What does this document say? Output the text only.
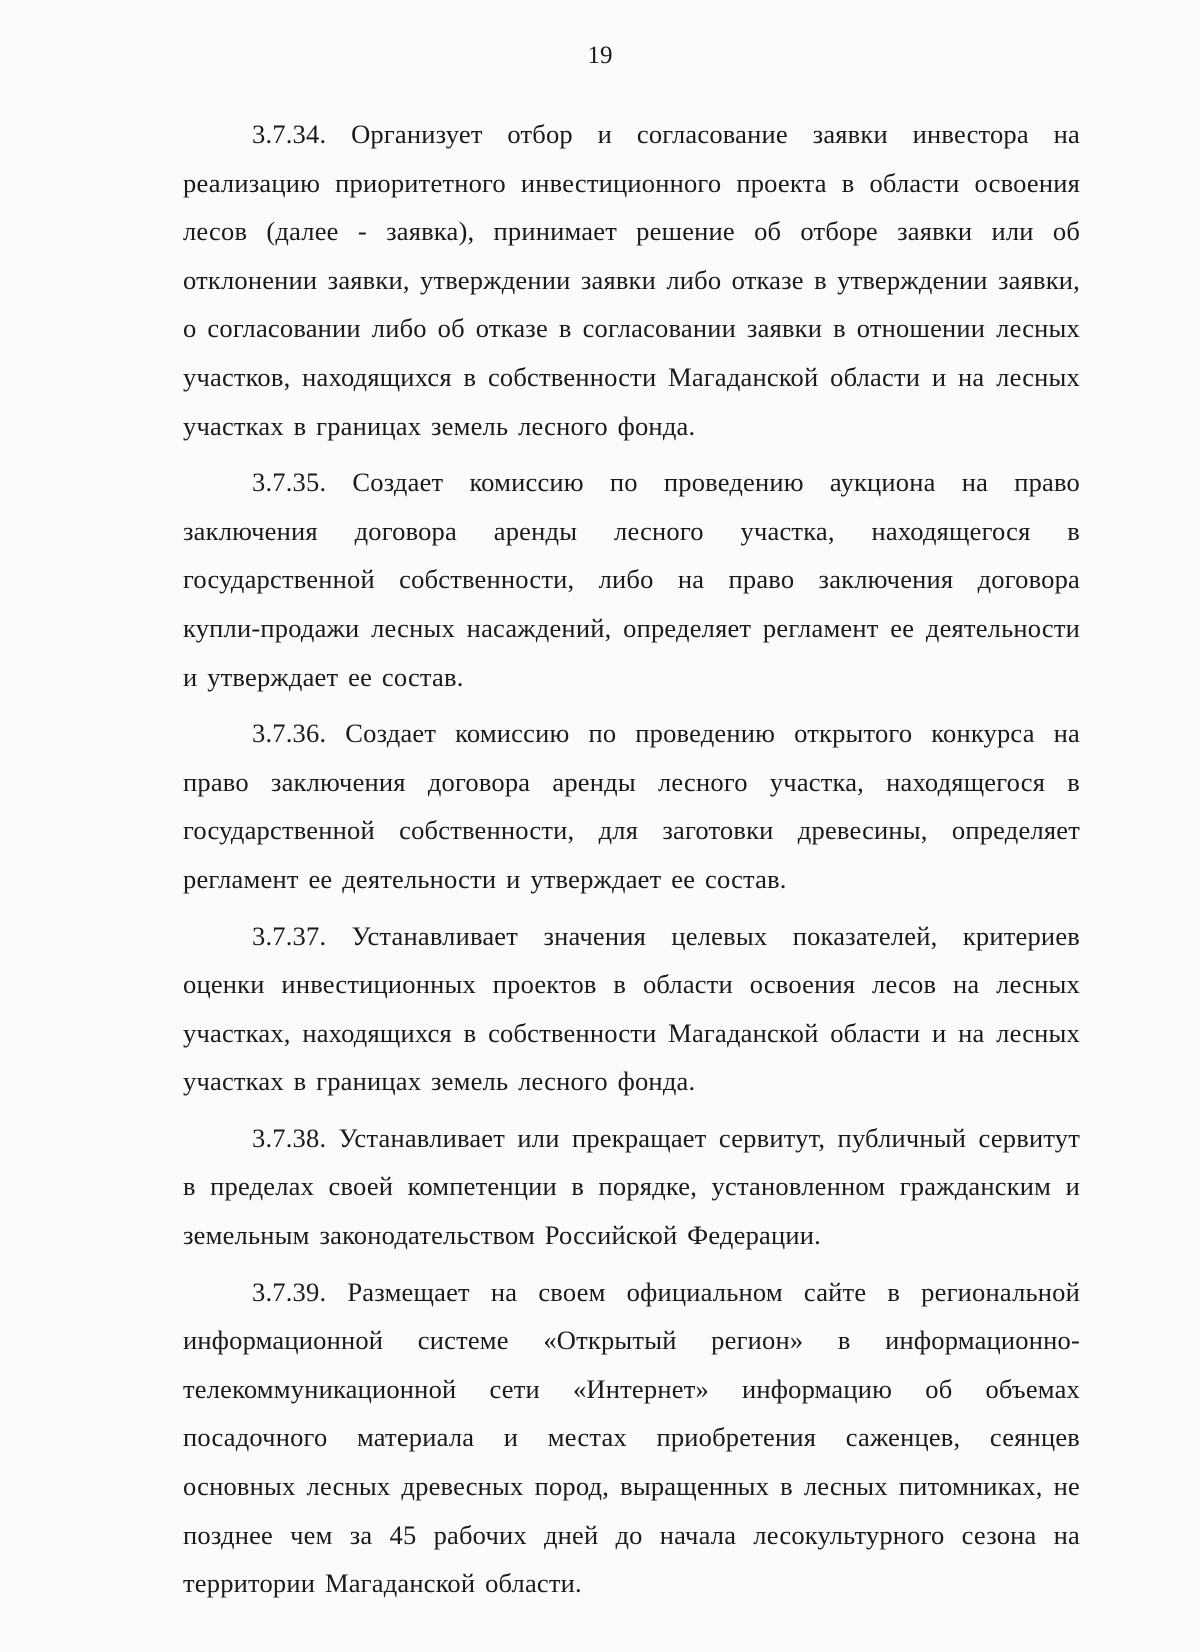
19

3.7.34. Организует отбор и согласование заявки инвестора на реализацию приоритетного инвестиционного проекта в области освоения лесов (далее - заявка), принимает решение об отборе заявки или об отклонении заявки, утверждении заявки либо отказе в утверждении заявки, о согласовании либо об отказе в согласовании заявки в отношении лесных участков, находящихся в собственности Магаданской области и на лесных участках в границах земель лесного фонда.

3.7.35. Создает комиссию по проведению аукциона на право заключения договора аренды лесного участка, находящегося в государственной собственности, либо на право заключения договора купли-продажи лесных насаждений, определяет регламент ее деятельности и утверждает ее состав.

3.7.36. Создает комиссию по проведению открытого конкурса на право заключения договора аренды лесного участка, находящегося в государственной собственности, для заготовки древесины, определяет регламент ее деятельности и утверждает ее состав.

3.7.37. Устанавливает значения целевых показателей, критериев оценки инвестиционных проектов в области освоения лесов на лесных участках, находящихся в собственности Магаданской области и на лесных участках в границах земель лесного фонда.

3.7.38. Устанавливает или прекращает сервитут, публичный сервитут в пределах своей компетенции в порядке, установленном гражданским и земельным законодательством Российской Федерации.

3.7.39. Размещает на своем официальном сайте в региональной информационной системе «Открытый регион» в информационно-телекоммуникационной сети «Интернет» информацию об объемах посадочного материала и местах приобретения саженцев, сеянцев основных лесных древесных пород, выращенных в лесных питомниках, не позднее чем за 45 рабочих дней до начала лесокультурного сезона на территории Магаданской области.
